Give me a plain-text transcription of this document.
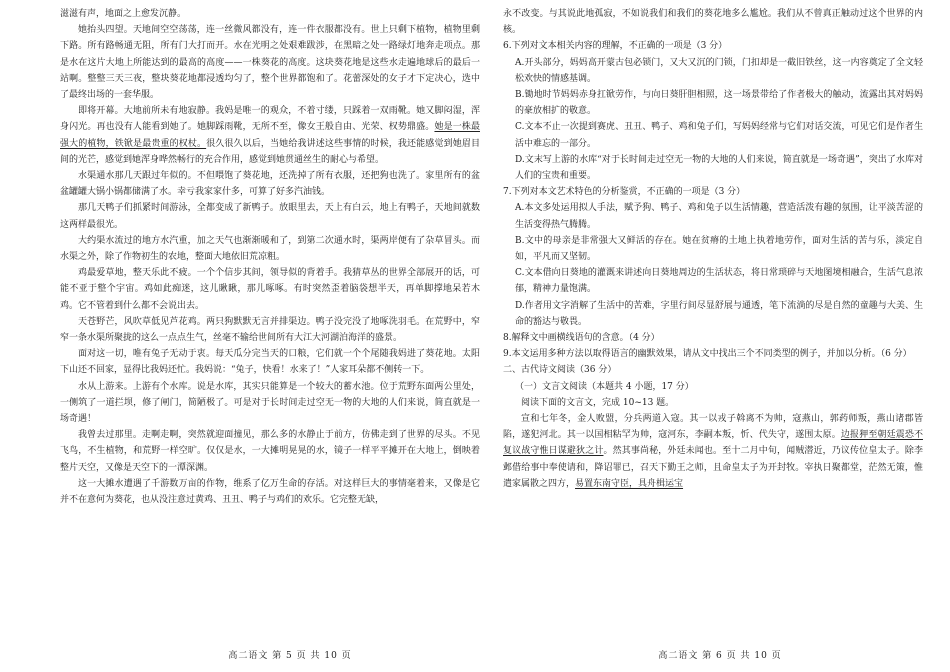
滋滋有声，地面之上愈发沉静。

她抬头四望。天地间空空荡荡，连一丝微风都没有，连一件衣服都没有。世上只剩下植物，植物里剩下路。所有路畅通无阻，所有门大打而开。水在光明之处艰难跋涉，在黑暗之处一路绿灯地奔走项点。那是水在这片大地上所能达到的最高的高度——一株葵花的高度。这块葵花地是这些水走遍地球后的最后一站啊。整整三天三夜，整块葵花地都浸透均匀了，整个世界都饱和了。花蕾深处的女子才下定决心，选中了最终出场的一套华服。

即将开幕。大地前所未有地寂静。我妈是唯一的观众，不着寸缕，只踩着一双雨靴。她又脚闷湿，浑身闪光。再也没有人能看到她了。她脚踩雨靴，无所不至，像女王般自由、光荣、权势鼎盛。她是一株最强大的植物，铁锨是最贵重的权杖。很久很久以后，当她给我讲述这些事情的时候，我还能感觉到她眉目间的光芒，感觉到她浑身哗然畅行的充合作用，感觉到她贯通丝生的耐心与希望。

水渠通水那几天跟过年似的。不但喂饱了葵花地，还洗掉了所有衣服，还把狗也洗了。家里所有的盆盆罐罐大锅小锅都储满了水。幸亏我家家什多，可算了好多汽油钱。

那几天鸭子们抓紧时间游泳，全都变成了新鸭子。放眼里去，天上有白云，地上有鸭子，天地间就数这两样最很光。

大约渠水流过的地方水汽重，加之天气也渐渐暖和了，到第二次通水时，渠两岸便有了杂草冒头。而水渠之外，除了作物初生的农地，整面大地依旧荒凉粗。

鸡最爱草地，整天乐此不疲。一个个信步其间，领导似的背着手。我猜草丛的世界全部展开的话，可能不亚于整个宇宙。鸡如此痴迷，这儿瞅瞅，那儿啄啄。有时突然歪着脑袋想半天，再单脚撑地呆若木鸡。它不管着到什么都不会说出去。

天苍野芒，风吹草低见芦花鸡。两只狗默默无言并排渠边。鸭子没完没了地啄洗羽毛。在荒野中，窄窄一条水渠所聚拢的这么一点点生气，丝毫不输给世间所有大江大河湖泊海洋的盛景。

面对这一切，唯有兔子无动于衷。每天瓜分完当天的口粮，它们就一个个尾随我妈进了葵花地。太阳下山还不回家，显得比我妈还忙。我妈说：“兔子，快看！水来了！”人家耳朵都不侧转一下。

水从上游来。上游有个水库。说是水库，其实只能算是一个较大的蓄水池。位于荒野东面两公里处，一侧筑了一道拦坝，修了闸门，简陋极了。可是对于长时间走过空无一物的大地的人们来说，简直就是一场奇遇！

我曾去过那里。走啊走啊，突然就迎面撞见，那么多的水静止于前方，仿佛走到了世界的尽头。不见飞鸟，不生植物，和荒野一样空旷。仅仅是水，一大摊明晃晃的水，镜子一样平平摊开在大地上，倒映着整片天空，又像是天空下的一潭深渊。

这一大摊水遭遇了千游数万亩的作物，维系了亿万生命的存活。对这样巨大的事情毫着来，又像是它并不在意何为葵花，也从没注意过黄鸡、丑丑、鸭子与鸡们的欢乐。它完整无缺，

高二语文 第 5 页 共 10 页

永不改变。与其说此地孤寂，不如说我们和我们的葵花地多么尴尬。我们从不曾真正触动过这个世界的内核。

6.下列对文本相关内容的理解，不正确的一项是（3 分）

A.开头部分，妈妈高开蒙古包必锁门，又大又沉的门锁，门扣却是一截旧铁丝，这一内容奠定了全文轻松欢快的情感基调。

B.锄地时节妈妈赤身扛锨劳作，与向日葵肝胆相照，这一场景带给了作者极大的触动，流露出其对妈妈的豪放相扩的敬意。

C.文本不止一次提到赛虎、丑丑、鸭子、鸡和兔子们，写妈妈经常与它们对话交流，可见它们是作者生活中难忘的一部分。

D.文末写上游的水库“对于长时间走过空无一物的大地的人们来说，简直就是一场奇遇”，突出了水库对人们的宝贵和重要。

7.下列对本文艺术特色的分析鉴赏，不正确的一项是（3 分）

A.本文多处运用拟人手法，赋予狗、鸭子、鸡和兔子以生活情趣，营造活泼有趣的氛围，让平淡苦涩的生活变得热气腾腾。

B.文中的母亲是非常强大又鲜活的存在。她在贫瘠的土地上执着地劳作，面对生活的苦与乐，淡定自如，平凡而又坚韧。

C.文本借向日葵地的灌溉来讲述向日葵地周边的生活状态，将日常琐碎与天地图境相融合，生活气息浓郁，精神力量饱满。

D.作者用文字消解了生活中的苦难，字里行间尽显舒展与通透，笔下流淌的尽是自然的童趣与大美、生命的豁达与敬畏。

8.解释文中画横线语句的含意。（4 分）

9.本文运用多种方法以取得语言的幽默效果，请从文中找出三个不同类型的例子，并加以分析。（6 分）

二、古代诗文阅读（36 分）

（一）文言文阅读（本题共 4 小题，17 分）

阅读下面的文言文，完成 10~13 题。

宣和七年冬，金人败盟，分兵两道入寇。其一以戎子斡离不为帅，寇燕山，郭药师叛，燕山诸郡皆陷，遂犯河北。其一以国相粘罕为帅，寇河东，李嗣本叛，忻、代失守，遂围太原。边报狎至朝廷震恐不复议战守惟日谋避狄之计。然其事尚秘，外廷未闻也。至十二月中旬，闻贼潜近，乃议传位皇太子。除李邺借给事中奉使请和，降诏罪已，召天下勤王之师，且命皇太子为开封牧。宰执日聚都堂，茫然无策，惟遣家属散之四方，易置东南守臣，具舟楫运宝

高二语文 第 6 页 共 10 页
